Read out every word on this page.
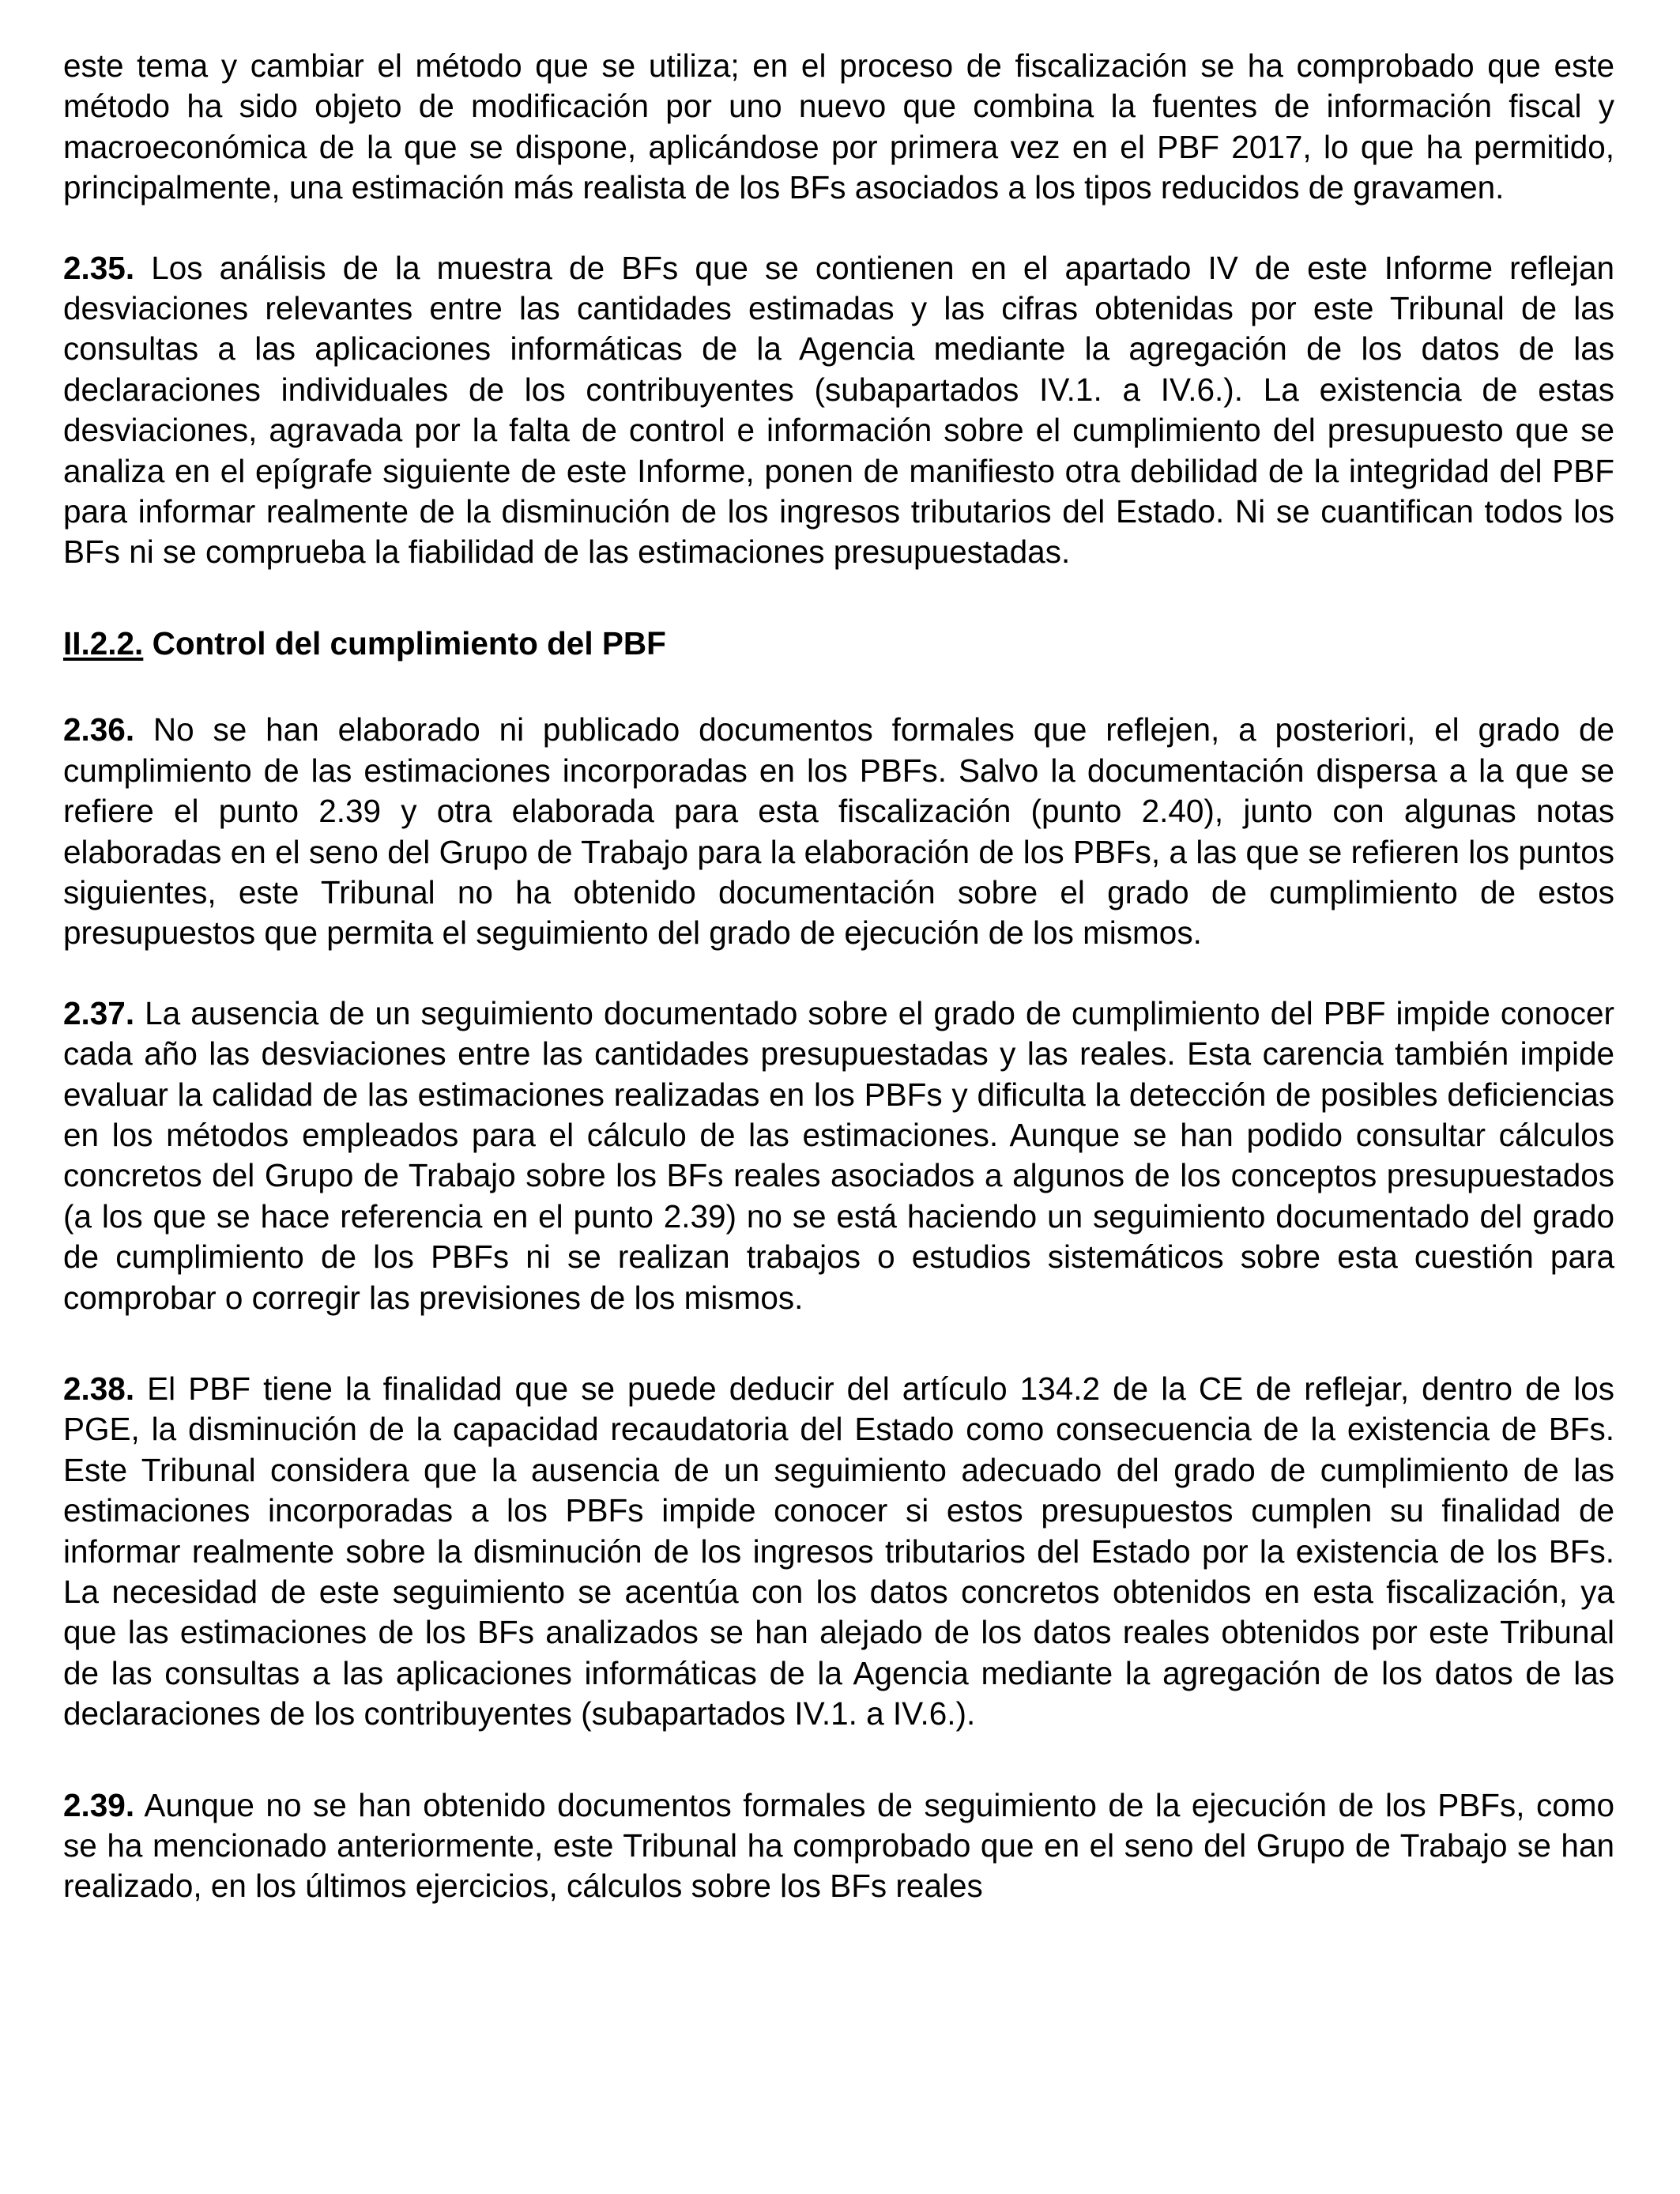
este tema y cambiar el método que se utiliza; en el proceso de fiscalización se ha comprobado que este método ha sido objeto de modificación por uno nuevo que combina la fuentes de información fiscal y macroeconómica de la que se dispone, aplicándose por primera vez en el PBF 2017, lo que ha permitido, principalmente, una estimación más realista de los BFs asociados a los tipos reducidos de gravamen.

2.35. Los análisis de la muestra de BFs que se contienen en el apartado IV de este Informe reflejan desviaciones relevantes entre las cantidades estimadas y las cifras obtenidas por este Tribunal de las consultas a las aplicaciones informáticas de la Agencia mediante la agregación de los datos de las declaraciones individuales de los contribuyentes (subapartados IV.1. a IV.6.). La existencia de estas desviaciones, agravada por la falta de control e información sobre el cumplimiento del presupuesto que se analiza en el epígrafe siguiente de este Informe, ponen de manifiesto otra debilidad de la integridad del PBF para informar realmente de la disminución de los ingresos tributarios del Estado. Ni se cuantifican todos los BFs ni se comprueba la fiabilidad de las estimaciones presupuestadas.

II.2.2. Control del cumplimiento del PBF

2.36. No se han elaborado ni publicado documentos formales que reflejen, a posteriori, el grado de cumplimiento de las estimaciones incorporadas en los PBFs. Salvo la documentación dispersa a la que se refiere el punto 2.39 y otra elaborada para esta fiscalización (punto 2.40), junto con algunas notas elaboradas en el seno del Grupo de Trabajo para la elaboración de los PBFs, a las que se refieren los puntos siguientes, este Tribunal no ha obtenido documentación sobre el grado de cumplimiento de estos presupuestos que permita el seguimiento del grado de ejecución de los mismos.

2.37. La ausencia de un seguimiento documentado sobre el grado de cumplimiento del PBF impide conocer cada año las desviaciones entre las cantidades presupuestadas y las reales. Esta carencia también impide evaluar la calidad de las estimaciones realizadas en los PBFs y dificulta la detección de posibles deficiencias en los métodos empleados para el cálculo de las estimaciones. Aunque se han podido consultar cálculos concretos del Grupo de Trabajo sobre los BFs reales asociados a algunos de los conceptos presupuestados (a los que se hace referencia en el punto 2.39) no se está haciendo un seguimiento documentado del grado de cumplimiento de los PBFs ni se realizan trabajos o estudios sistemáticos sobre esta cuestión para comprobar o corregir las previsiones de los mismos.

2.38. El PBF tiene la finalidad que se puede deducir del artículo 134.2 de la CE de reflejar, dentro de los PGE, la disminución de la capacidad recaudatoria del Estado como consecuencia de la existencia de BFs. Este Tribunal considera que la ausencia de un seguimiento adecuado del grado de cumplimiento de las estimaciones incorporadas a los PBFs impide conocer si estos presupuestos cumplen su finalidad de informar realmente sobre la disminución de los ingresos tributarios del Estado por la existencia de los BFs. La necesidad de este seguimiento se acentúa con los datos concretos obtenidos en esta fiscalización, ya que las estimaciones de los BFs analizados se han alejado de los datos reales obtenidos por este Tribunal de las consultas a las aplicaciones informáticas de la Agencia mediante la agregación de los datos de las declaraciones de los contribuyentes (subapartados IV.1. a IV.6.).

2.39. Aunque no se han obtenido documentos formales de seguimiento de la ejecución de los PBFs, como se ha mencionado anteriormente, este Tribunal ha comprobado que en el seno del Grupo de Trabajo se han realizado, en los últimos ejercicios, cálculos sobre los BFs reales
